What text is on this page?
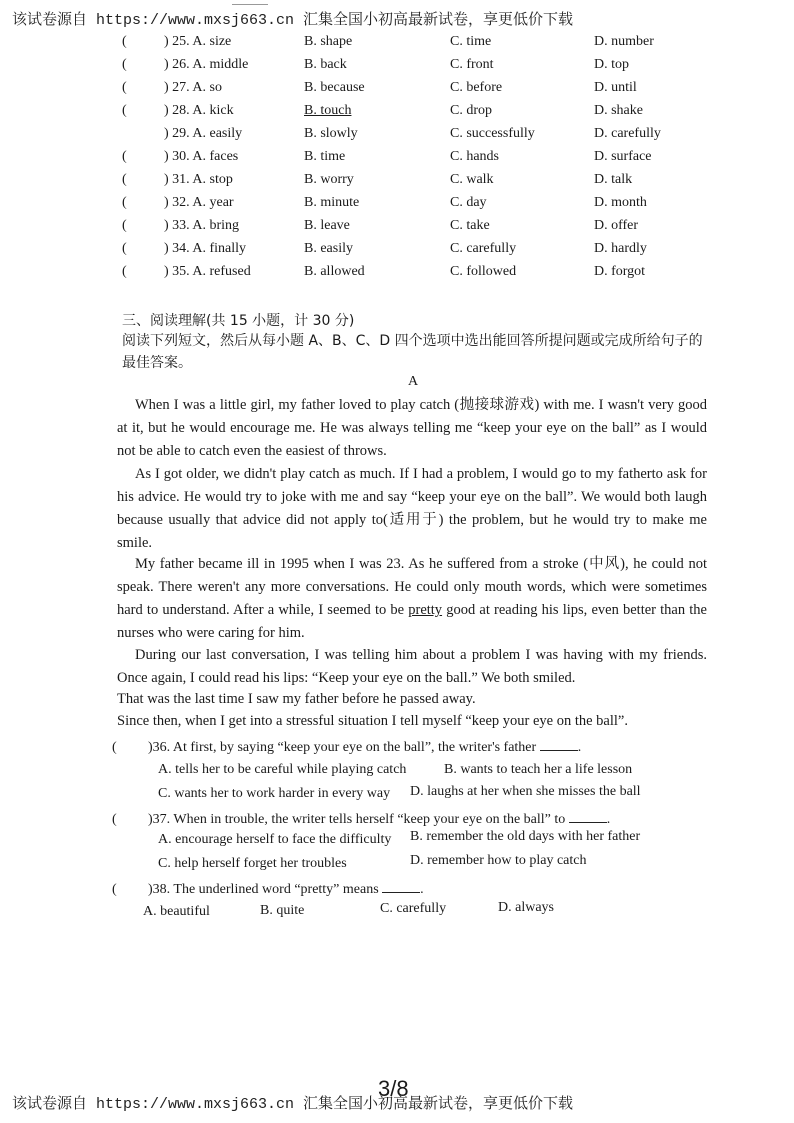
该试卷源自 https://www.mxsj663.cn 汇集全国小初高最新试卷，享更低价下载
(	) 25. A. size	B. shape	C. time	D. number
(	) 26. A. middle	B. back	C. front	D. top
(	) 27. A. so	B. because	C. before	D. until
(	) 28. A. kick	B. touch	C. drop	D. shake
) 29. A. easily	B. slowly	C. successfully	D. carefully
(	) 30. A. faces	B. time	C. hands	D. surface
(	) 31. A. stop	B. worry	C. walk	D. talk
(	) 32. A. year	B. minute	C. day	D. month
(	) 33. A. bring	B. leave	C. take	D. offer
(	) 34. A. finally	B. easily	C. carefully	D. hardly
(	) 35. A. refused	B. allowed	C. followed	D. forgot
三、阅读理解(共 15 小题，计 30 分)
阅读下列短文，然后从每小题 A、B、C、D 四个选项中选出能回答所提问题或完成所给句子的最佳答案。
A
When I was a little girl, my father loved to play catch (抛接球游戏) with me. I wasn't very good at it, but he would encourage me. He was always telling me “keep your eye on the ball” as I would not be able to catch even the easiest of throws.
As I got older, we didn't play catch as much. If I had a problem, I would go to my fatherto ask for his advice. He would try to joke with me and say “keep your eye on the ball”. We would both laugh because usually that advice did not apply to(适用于) the problem, but he would try to make me smile.
My father became ill in 1995 when I was 23. As he suffered from a stroke (中风), he could not speak. There weren't any more conversations. He could only mouth words, which were sometimes hard to understand. After a while, I seemed to be pretty good at reading his lips, even better than the nurses who were caring for him.
During our last conversation, I was telling him about a problem I was having with my friends. Once again, I could read his lips: “Keep your eye on the ball.” We both smiled.
That was the last time I saw my father before he passed away.
Since then, when I get into a stressful situation I tell myself “keep your eye on the ball”.
( )36. At first, by saying “keep your eye on the ball”, the writer's father	.
A. tells her to be careful while playing catch	B. wants to teach her a life lesson
C. wants her to work harder in every way D. laughs at her when she misses the ball
( )37. When in trouble, the writer tells herself “keep your eye on the ball” to	.
A. encourage herself to face the difficulty B. remember the old days with her father
C. help herself forget her troubles	D. remember how to play catch
( )38. The underlined word “pretty” means	.
A. beautiful	B. quite	C. carefully	D. always
3/8
该试卷源自 https://www.mxsj663.cn 汇集全国小初高最新试卷，享更低价下载
